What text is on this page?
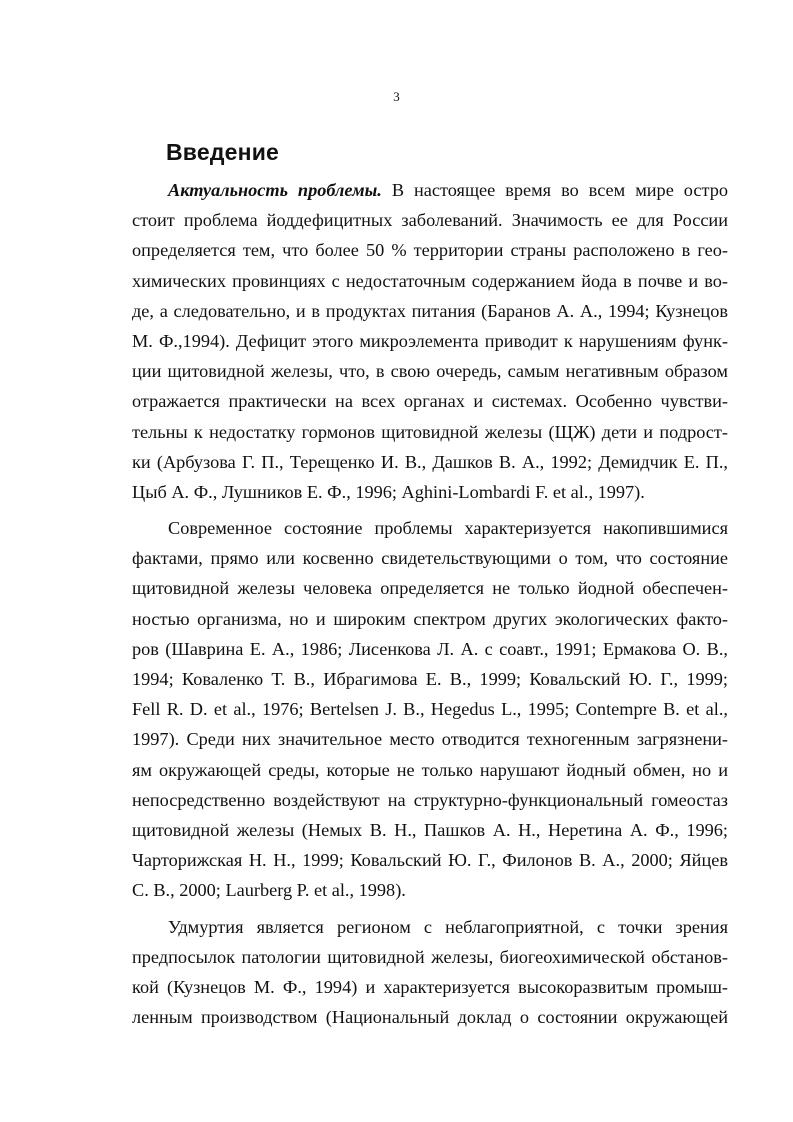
3
Введение
Актуальность проблемы. В настоящее время во всем мире остро
стоит проблема йоддефицитных заболеваний. Значимость ее для России
определяется тем, что более 50 % территории страны расположено в гео-
химических провинциях с недостаточным содержанием йода в почве и во-
де, а следовательно, и в продуктах питания (Баранов А. А., 1994; Кузнецов
М. Ф.,1994). Дефицит этого микроэлемента приводит к нарушениям функ-
ции щитовидной железы, что, в свою очередь, самым негативным образом
отражается практически на всех органах и системах. Особенно чувстви-
тельны к недостатку гормонов щитовидной железы (ЩЖ) дети и подрост-
ки (Арбузова Г. П., Терещенко И. В., Дашков В. А., 1992; Демидчик Е. П.,
Цыб А. Ф., Лушников Е. Ф., 1996; Aghini-Lombardi F. et al., 1997).
Современное состояние проблемы характеризуется накопившимися
фактами, прямо или косвенно свидетельствующими о том, что состояние
щитовидной железы человека определяется не только йодной обеспечен-
ностью организма, но и широким спектром других экологических факто-
ров (Шаврина Е. А., 1986; Лисенкова Л. А. с соавт., 1991; Ермакова О. В.,
1994; Коваленко Т. В., Ибрагимова Е. В., 1999; Ковальский Ю. Г., 1999;
Fell R. D. et al., 1976; Bertelsen J. B., Hegedus L., 1995; Contempre B. et al.,
1997). Среди них значительное место отводится техногенным загрязнени-
ям окружающей среды, которые не только нарушают йодный обмен, но и
непосредственно воздействуют на структурно-функциональный гомеостаз
щитовидной железы (Немых В. Н., Пашков А. Н., Неретина А. Ф., 1996;
Чарторижская Н. Н., 1999; Ковальский Ю. Г., Филонов В. А., 2000; Яйцев
С. В., 2000; Laurberg P. et al., 1998).
Удмуртия является регионом с неблагоприятной, с точки зрения
предпосылок патологии щитовидной железы, биогеохимической обстанов-
кой (Кузнецов М. Ф., 1994) и характеризуется высокоразвитым промыш-
ленным производством (Национальный доклад о состоянии окружающей
